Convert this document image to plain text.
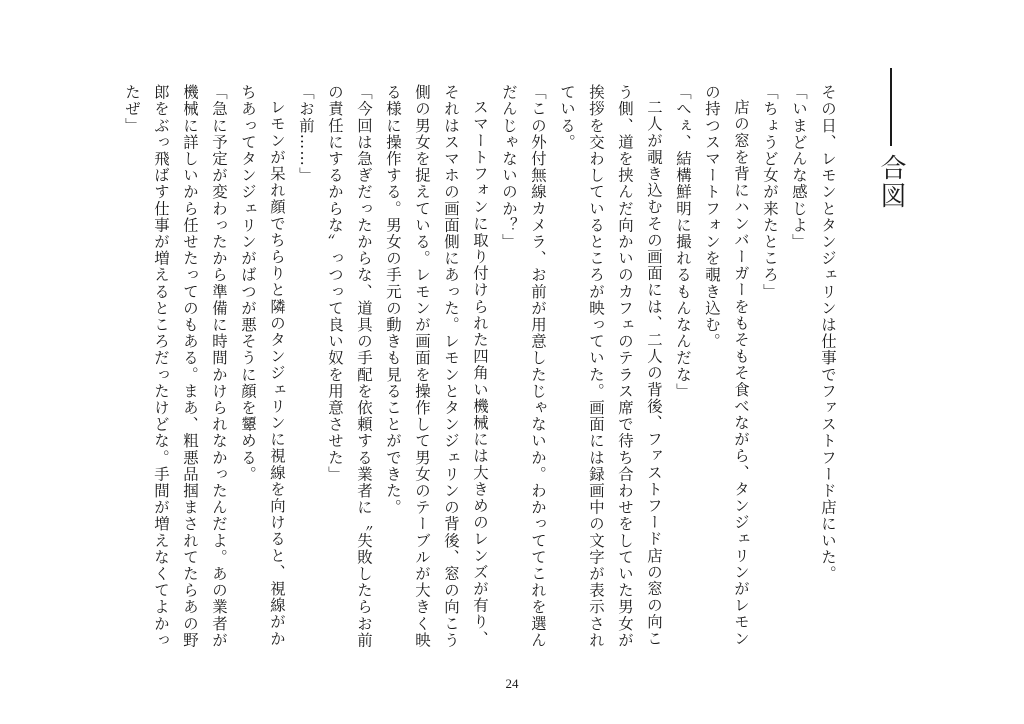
合図

その日、レモンとタンジェリンは仕事でファストフード店にいた。

「いまどんな感じよ」

「ちょうど女が来たところ」

店の窓を背にハンバーガーをもそもそ食べながら、タンジェリンがレモンの持つスマートフォンを覗き込む。

「へぇ、結構鮮明に撮れるもんなんだな」

二人が覗き込むその画面には、二人の背後、ファストフード店の窓の向こう側、道を挟んだ向かいのカフェのテラス席で待ち合わせをしていた男女が挨拶を交わしているところが映っていた。画面には録画中の文字が表示されている。

「この外付無線カメラ、お前が用意したじゃないか。わかっててこれを選んだんじゃないのか？」

スマートフォンに取り付けられた四角い機械には大きめのレンズが有り、それはスマホの画面側にあった。レモンとタンジェリンの背後、窓の向こう側の男女を捉えている。レモンが画面を操作して男女のテーブルが大きく映る様に操作する。男女の手元の動きも見ることができた。

「今回は急ぎだったからな、道具の手配を依頼する業者に〝失敗したらお前の責任にするからな〟っつって良い奴を用意させた」

「お前……」

レモンが呆れ顔でちらりと隣のタンジェリンに視線を向けると、視線がかちあってタンジェリンがばつが悪そうに顔を顰める。

「急に予定が変わったから準備に時間かけられなかったんだよ。あの業者が機械に詳しいから任せたってのもある。まあ、粗悪品掴まされてたらあの野郎をぶっ飛ばす仕事が増えるところだったけどな。手間が増えなくてよかったぜ」

24
